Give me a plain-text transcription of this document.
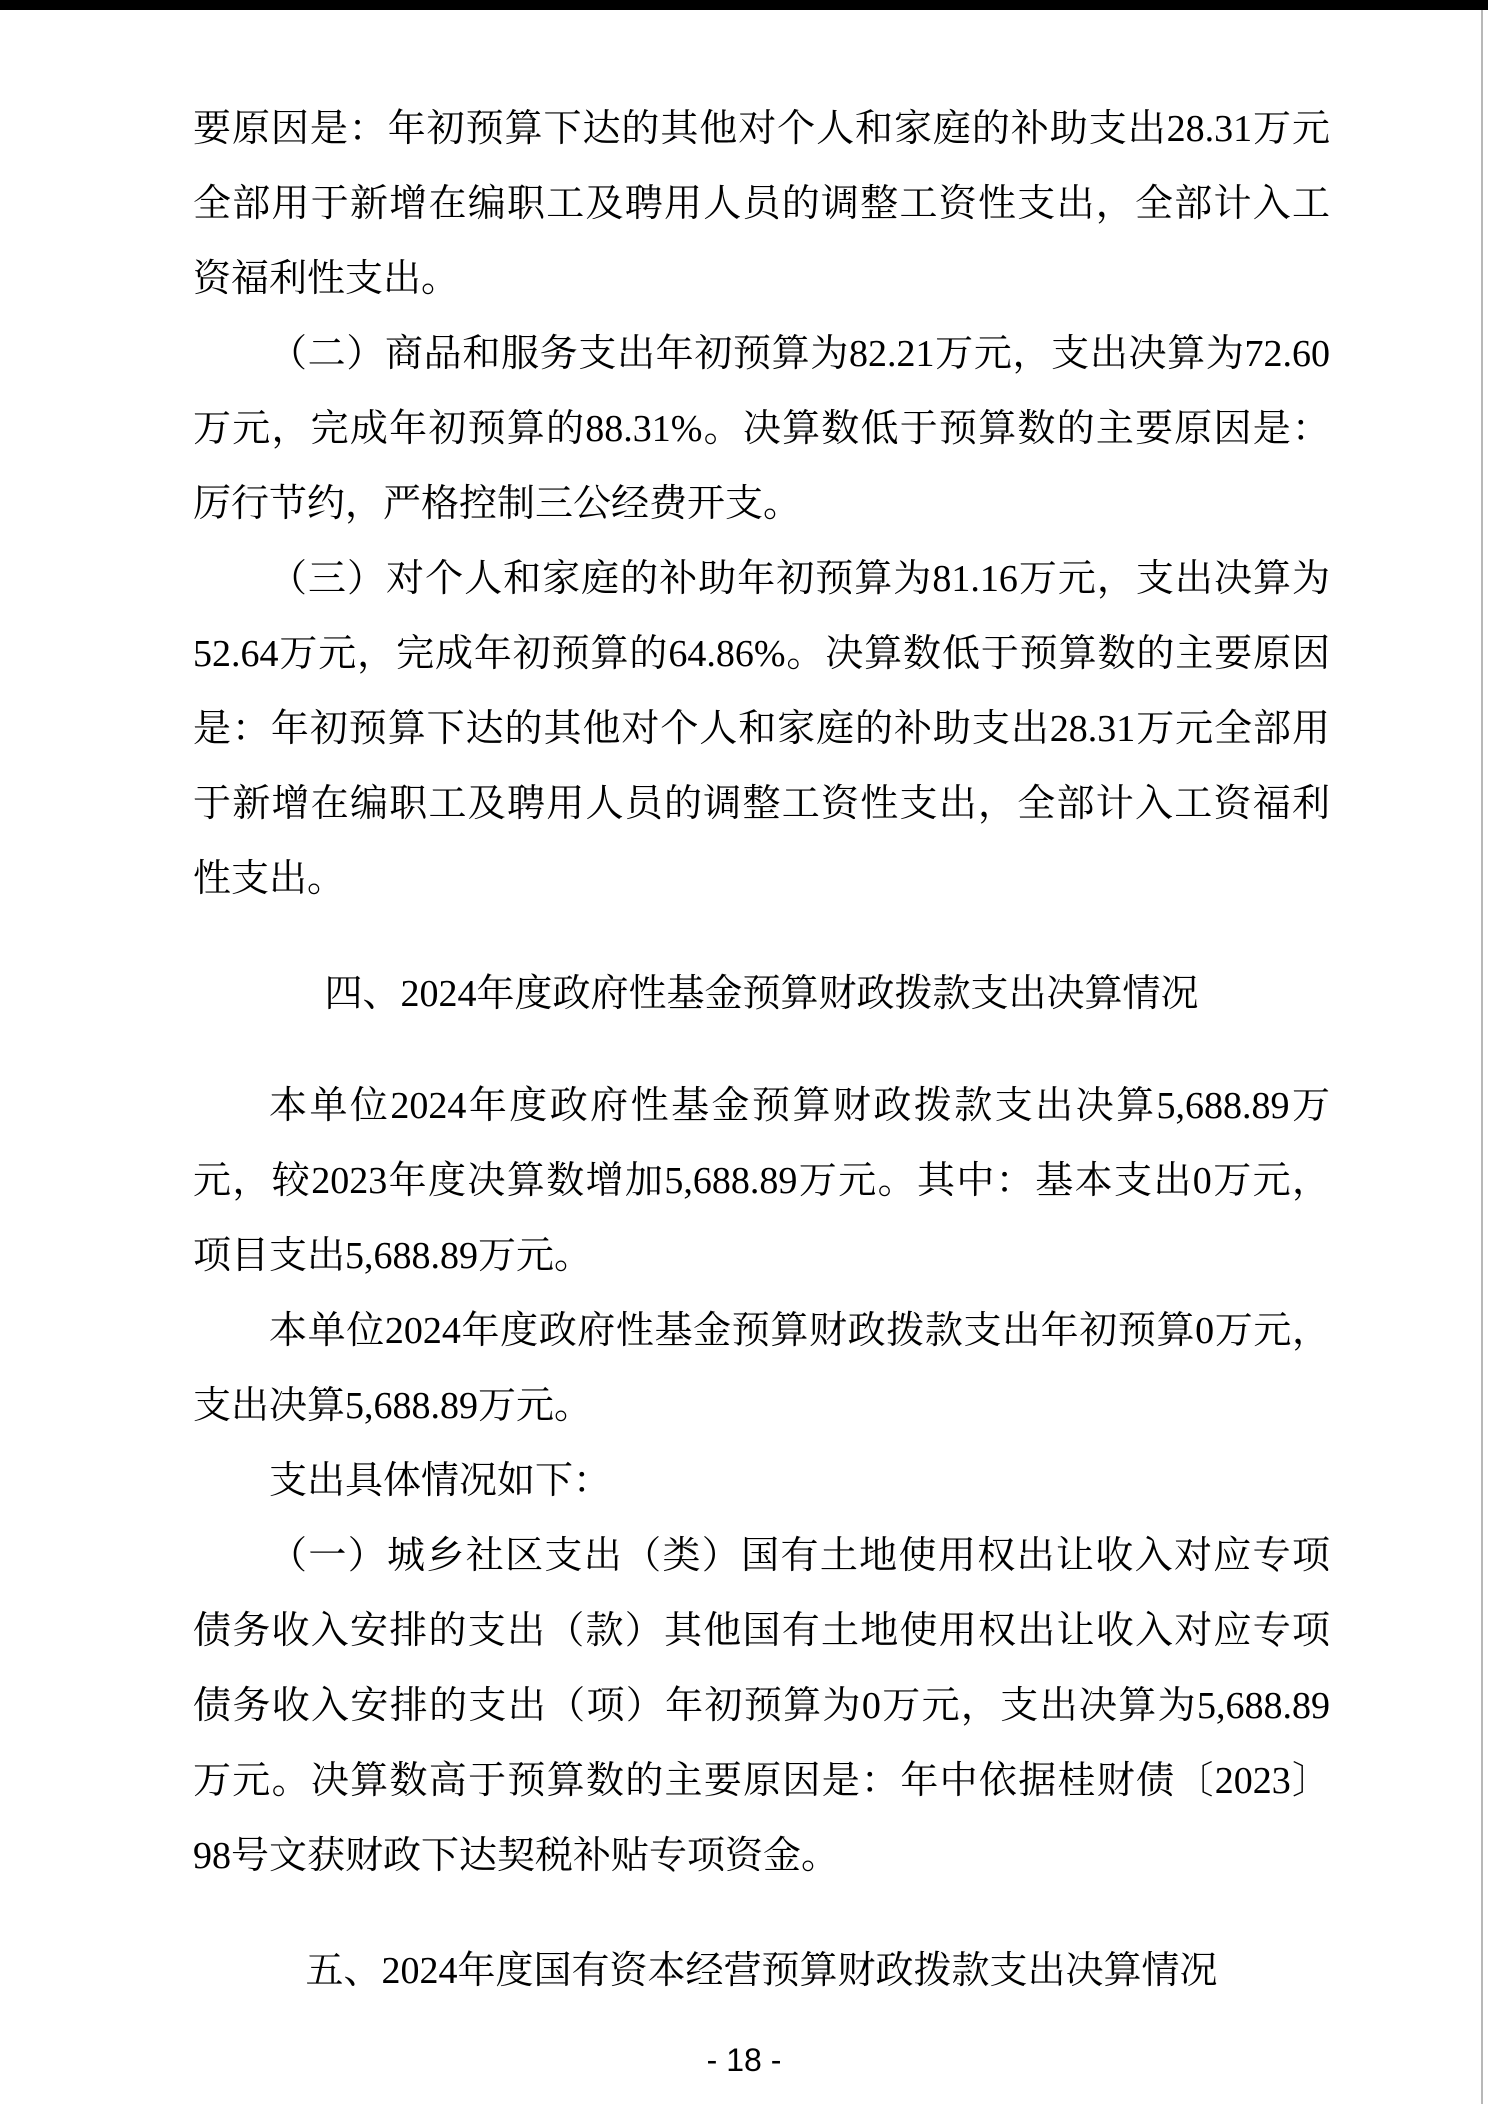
要原因是：年初预算下达的其他对个人和家庭的补助支出28.31万元全部用于新增在编职工及聘用人员的调整工资性支出，全部计入工资福利性支出。

（二）商品和服务支出年初预算为82.21万元，支出决算为72.60万元，完成年初预算的88.31%。决算数低于预算数的主要原因是：厉行节约，严格控制三公经费开支。

（三）对个人和家庭的补助年初预算为81.16万元，支出决算为52.64万元，完成年初预算的64.86%。决算数低于预算数的主要原因是：年初预算下达的其他对个人和家庭的补助支出28.31万元全部用于新增在编职工及聘用人员的调整工资性支出，全部计入工资福利性支出。

四、2024年度政府性基金预算财政拨款支出决算情况

本单位2024年度政府性基金预算财政拨款支出决算5,688.89万元，较2023年度决算数增加5,688.89万元。其中：基本支出0万元，项目支出5,688.89万元。

本单位2024年度政府性基金预算财政拨款支出年初预算0万元，支出决算5,688.89万元。

支出具体情况如下：

（一）城乡社区支出（类）国有土地使用权出让收入对应专项债务收入安排的支出（款）其他国有土地使用权出让收入对应专项债务收入安排的支出（项）年初预算为0万元，支出决算为5,688.89万元。决算数高于预算数的主要原因是：年中依据桂财债〔2023〕98号文获财政下达契税补贴专项资金。

五、2024年度国有资本经营预算财政拨款支出决算情况
- 18 -
